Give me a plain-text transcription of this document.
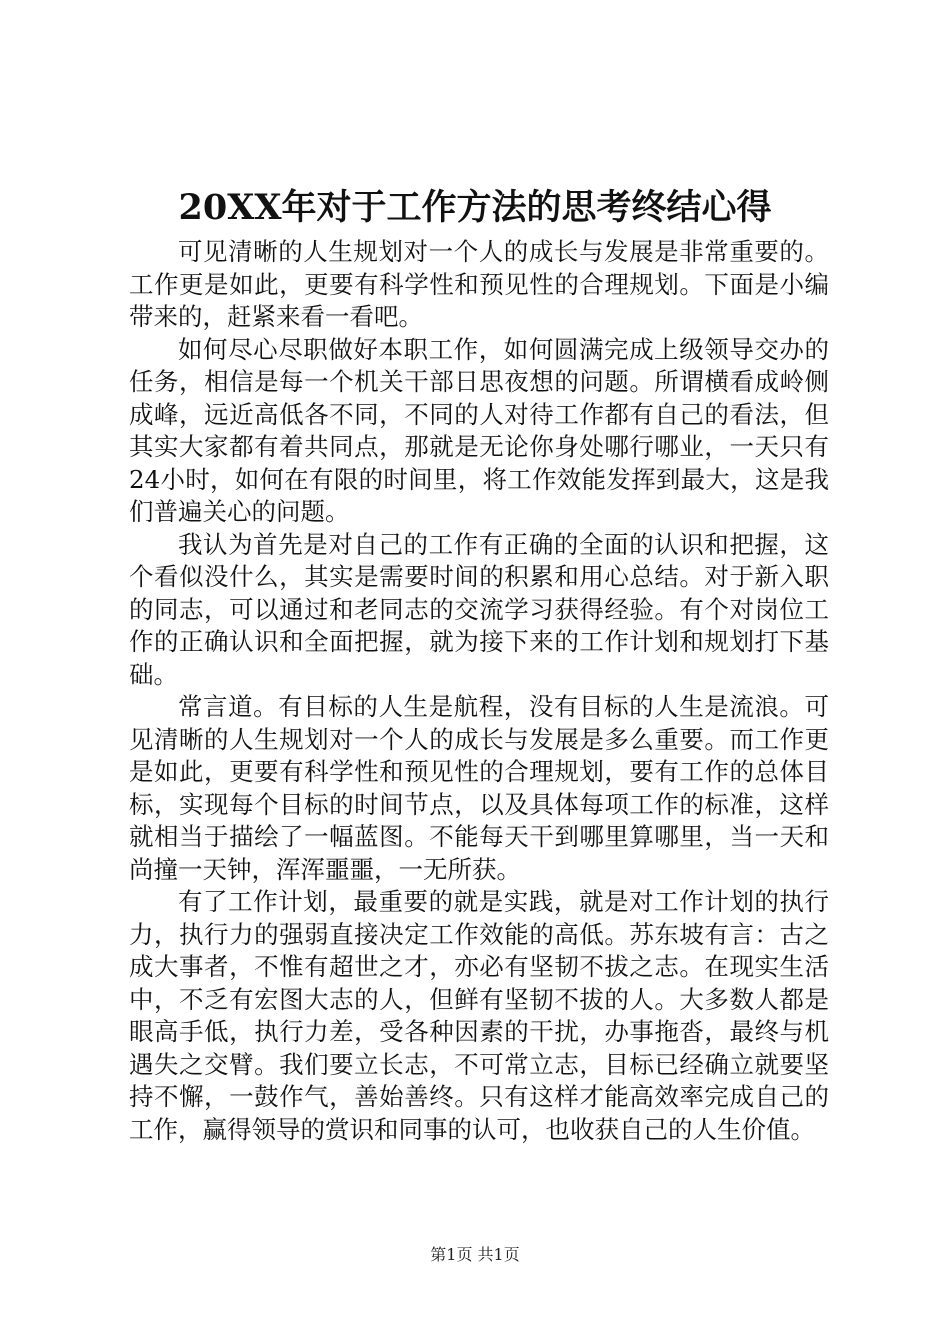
20XX年对于工作方法的思考终结心得

可见清晰的人生规划对一个人的成长与发展是非常重要的。工作更是如此，更要有科学性和预见性的合理规划。下面是小编带来的，赶紧来看一看吧。

如何尽心尽职做好本职工作，如何圆满完成上级领导交办的任务，相信是每一个机关干部日思夜想的问题。所谓横看成岭侧成峰，远近高低各不同，不同的人对待工作都有自己的看法，但其实大家都有着共同点，那就是无论你身处哪行哪业，一天只有24小时，如何在有限的时间里，将工作效能发挥到最大，这是我们普遍关心的问题。

我认为首先是对自己的工作有正确的全面的认识和把握，这个看似没什么，其实是需要时间的积累和用心总结。对于新入职的同志，可以通过和老同志的交流学习获得经验。有个对岗位工作的正确认识和全面把握，就为接下来的工作计划和规划打下基础。

常言道。有目标的人生是航程，没有目标的人生是流浪。可见清晰的人生规划对一个人的成长与发展是多么重要。而工作更是如此，更要有科学性和预见性的合理规划，要有工作的总体目标，实现每个目标的时间节点，以及具体每项工作的标准，这样就相当于描绘了一幅蓝图。不能每天干到哪里算哪里，当一天和尚撞一天钟，浑浑噩噩，一无所获。

有了工作计划，最重要的就是实践，就是对工作计划的执行力，执行力的强弱直接决定工作效能的高低。苏东坡有言：古之成大事者，不惟有超世之才，亦必有坚韧不拔之志。在现实生活中，不乏有宏图大志的人，但鲜有坚韧不拔的人。大多数人都是眼高手低，执行力差，受各种因素的干扰，办事拖沓，最终与机遇失之交臂。我们要立长志，不可常立志，目标已经确立就要坚持不懈，一鼓作气，善始善终。只有这样才能高效率完成自己的工作，赢得领导的赏识和同事的认可，也收获自己的人生价值。

第1页 共1页
